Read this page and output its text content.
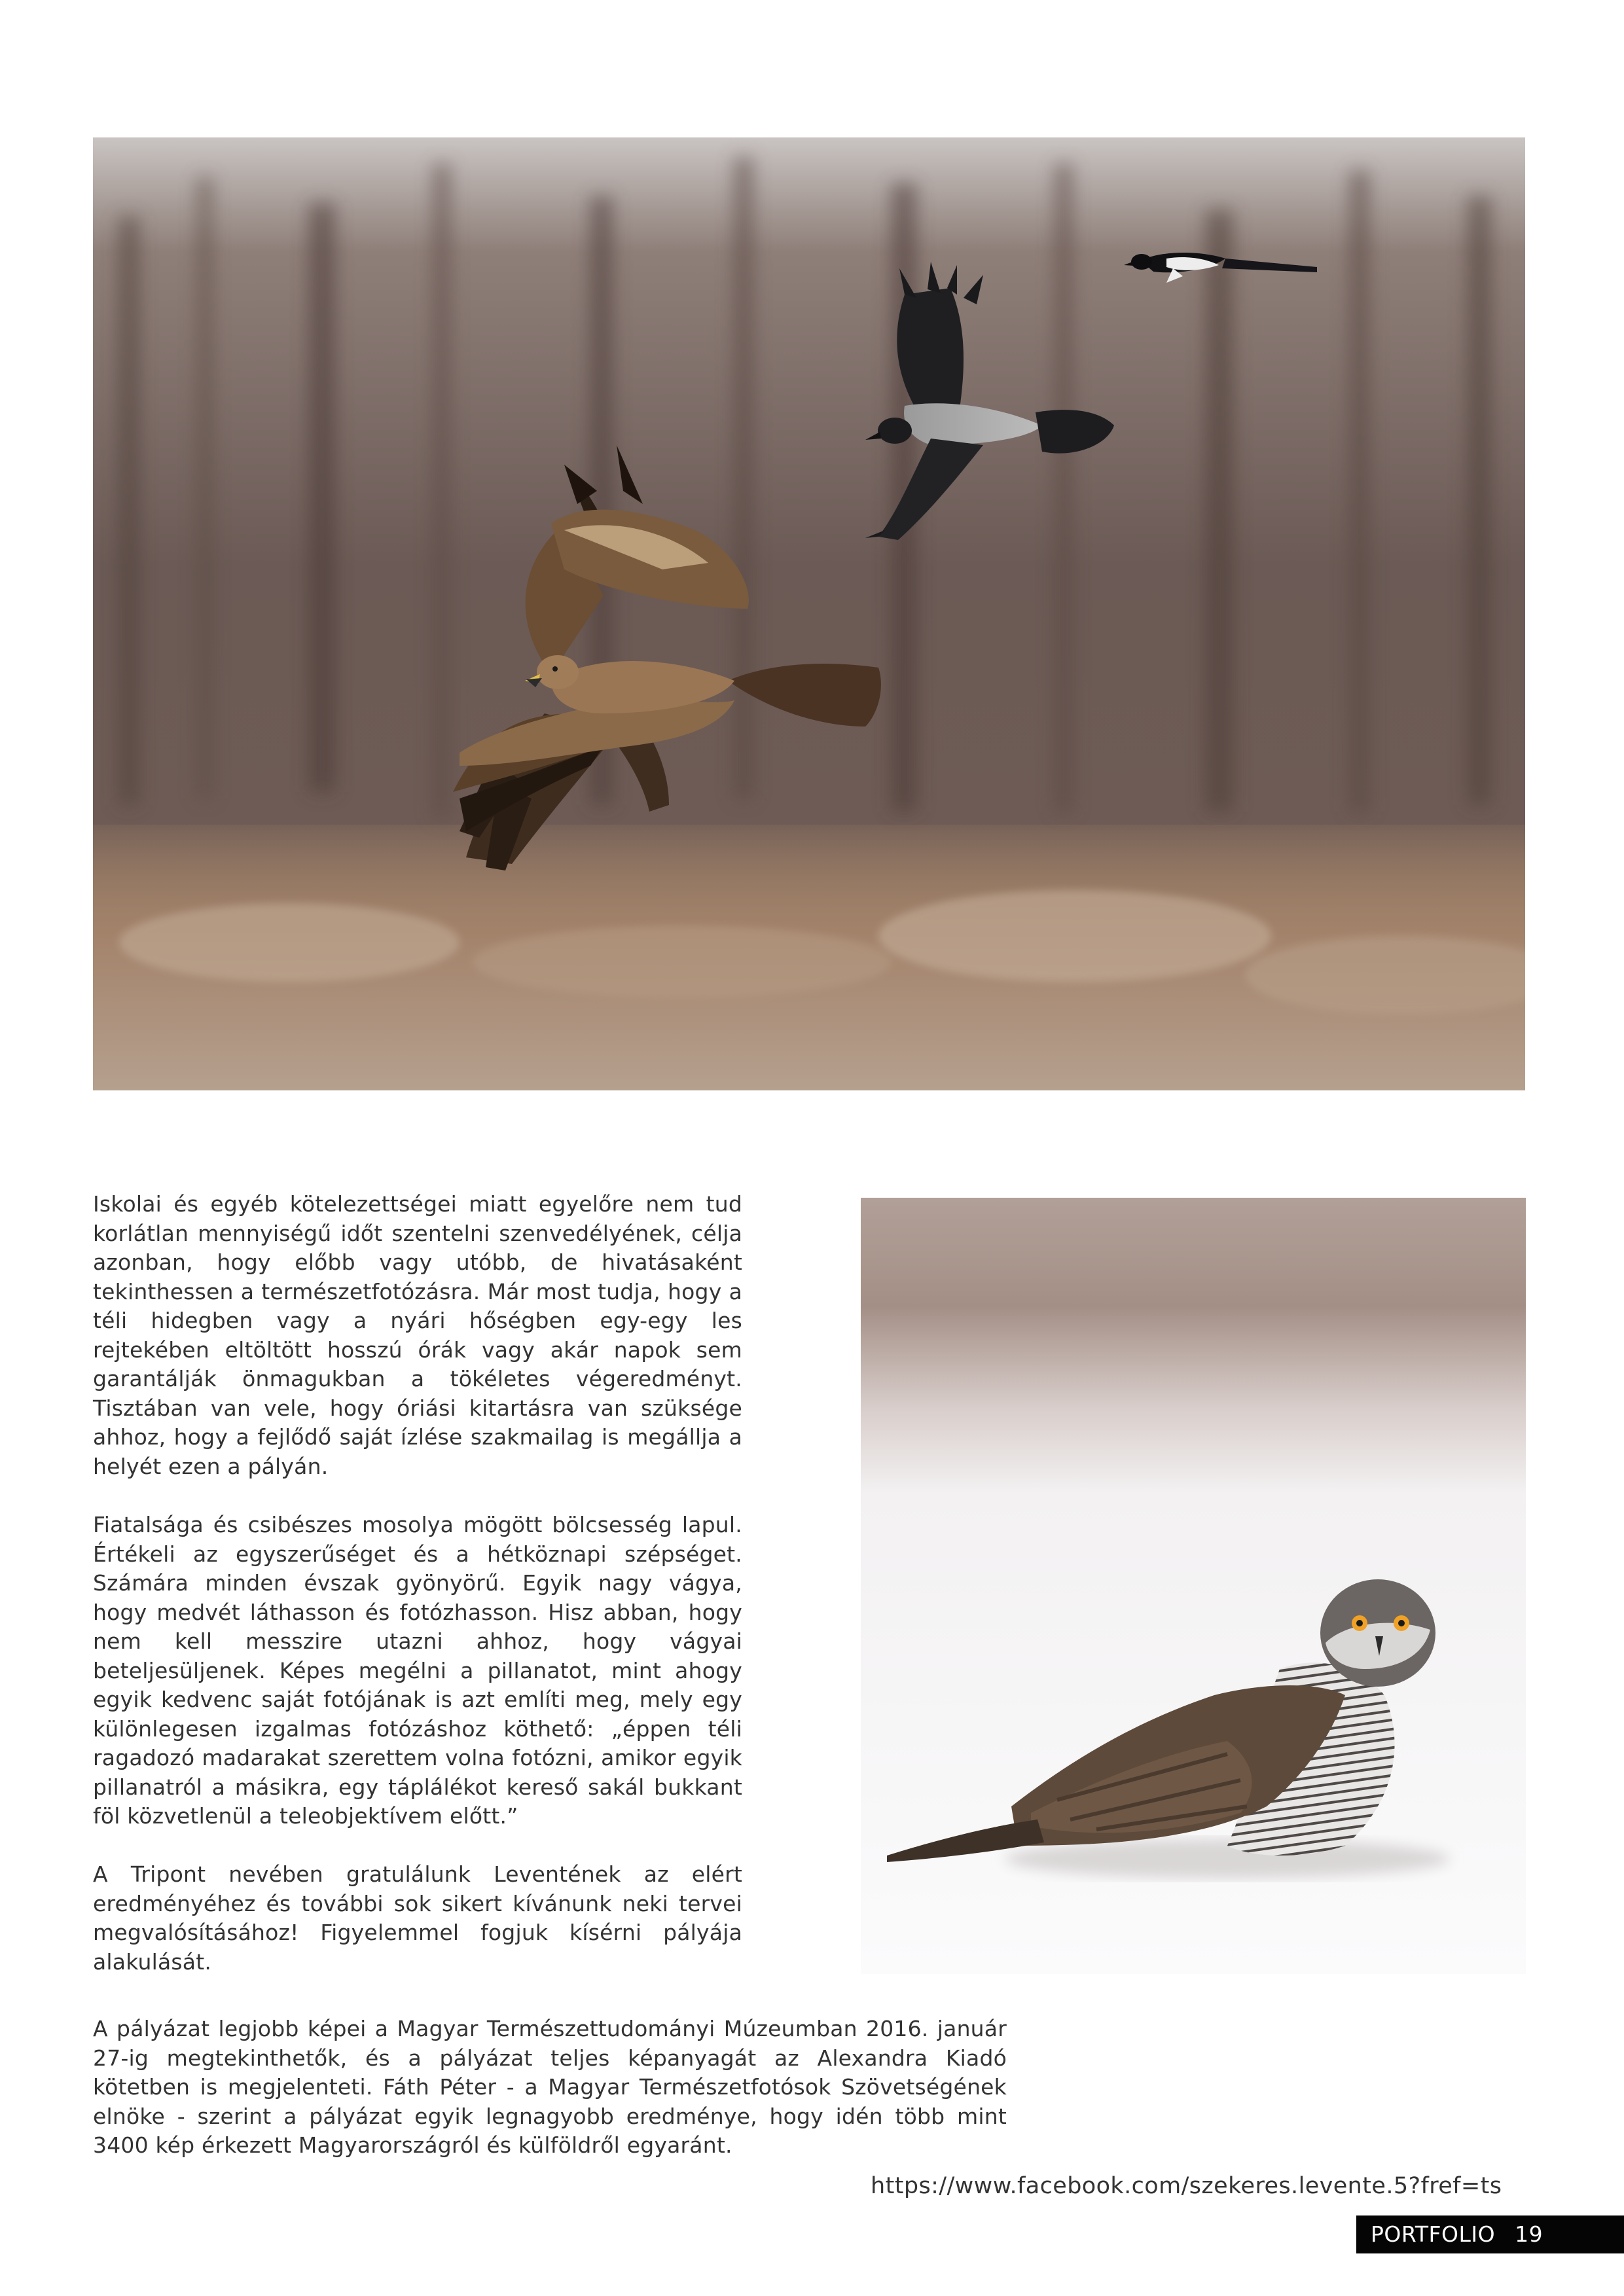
Iskolai és egyéb kötelezettségei miatt egyelőre nem tud korlátlan mennyiségű időt szentelni szenvedélyének, célja azonban, hogy előbb vagy utóbb, de hivatásaként tekinthessen a természetfotózásra. Már most tudja, hogy a téli hidegben vagy a nyári hőségben egy-egy les rejtekében eltöltött hosszú órák vagy akár napok sem garantálják önmagukban a tökéletes végeredményt. Tisztában van vele, hogy óriási kitartásra van szüksége ahhoz, hogy a fejlődő saját ízlése szakmailag is megállja a helyét ezen a pályán.
Fiatalsága és csibészes mosolya mögött bölcsesség lapul. Értékeli az egyszerűséget és a hétköznapi szépséget. Számára minden évszak gyönyörű. Egyik nagy vágya, hogy medvét láthasson és fotózhasson. Hisz abban, hogy nem kell messzire utazni ahhoz, hogy vágyai beteljesüljenek. Képes megélni a pillanatot, mint ahogy egyik kedvenc saját fotójának is azt említi meg, mely egy különlegesen izgalmas fotózáshoz köthető: „éppen téli ragadozó madarakat szerettem volna fotózni, amikor egyik pillanatról a másikra, egy táplálékot kereső sakál bukkant föl közvetlenül a teleobjektívem előtt.”
A Tripont nevében gratulálunk Leventének az elért eredményéhez és további sok sikert kívánunk neki tervei megvalósításához! Figyelemmel fogjuk kísérni pályája alakulását.
A pályázat legjobb képei a Magyar Természettudományi Múzeumban 2016. január 27-ig megtekinthetők, és a pályázat teljes képanyagát az Alexandra Kiadó kötetben is megjelenteti. Fáth Péter - a Magyar Természetfotósok Szövetségének elnöke - szerint a pályázat egyik legnagyobb eredménye, hogy idén több mint 3400 kép érkezett Magyarországról és külföldről egyaránt.
https://www.facebook.com/szekeres.levente.5?fref=ts
PORTFOLIO 19
